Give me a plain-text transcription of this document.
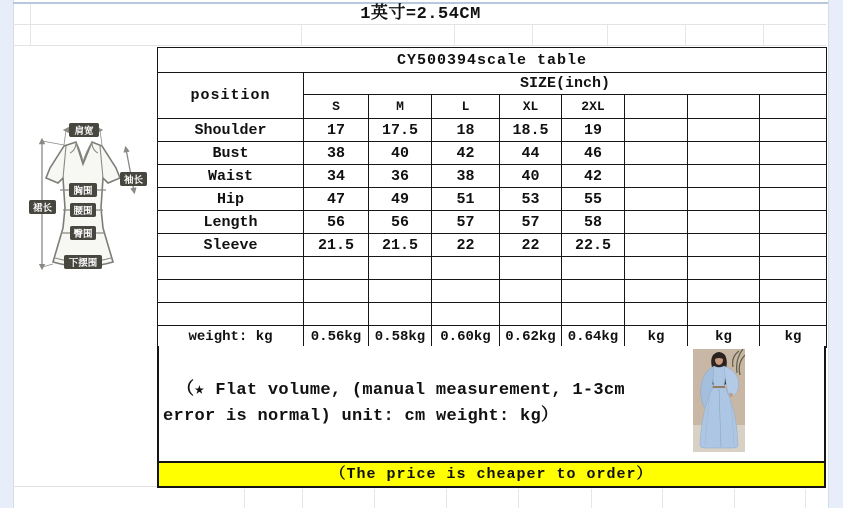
1英寸=2.54CM
肩宽
袖长
胸围
裙长 腰围
臀围
下摆围
CY500394scale table								
position	SIZE(inch)							
	S	M	L	XL	2XL			
Shoulder	17	17.5	18	18.5	19			
Bust	38	40	42	44	46			
Waist	34	36	38	40	42			
Hip	47	49	51	53	55			
Length	56	56	57	57	58			
Sleeve	21.5	21.5	22	22	22.5			

weight: kg	0.56kg	0.58kg	0.60kg	0.62kg	0.64kg	kg	kg	kg
（★ Flat volume, (manual measurement, 1-3cm
error is normal) unit: cm weight: kg）
（The price is cheaper to order）
